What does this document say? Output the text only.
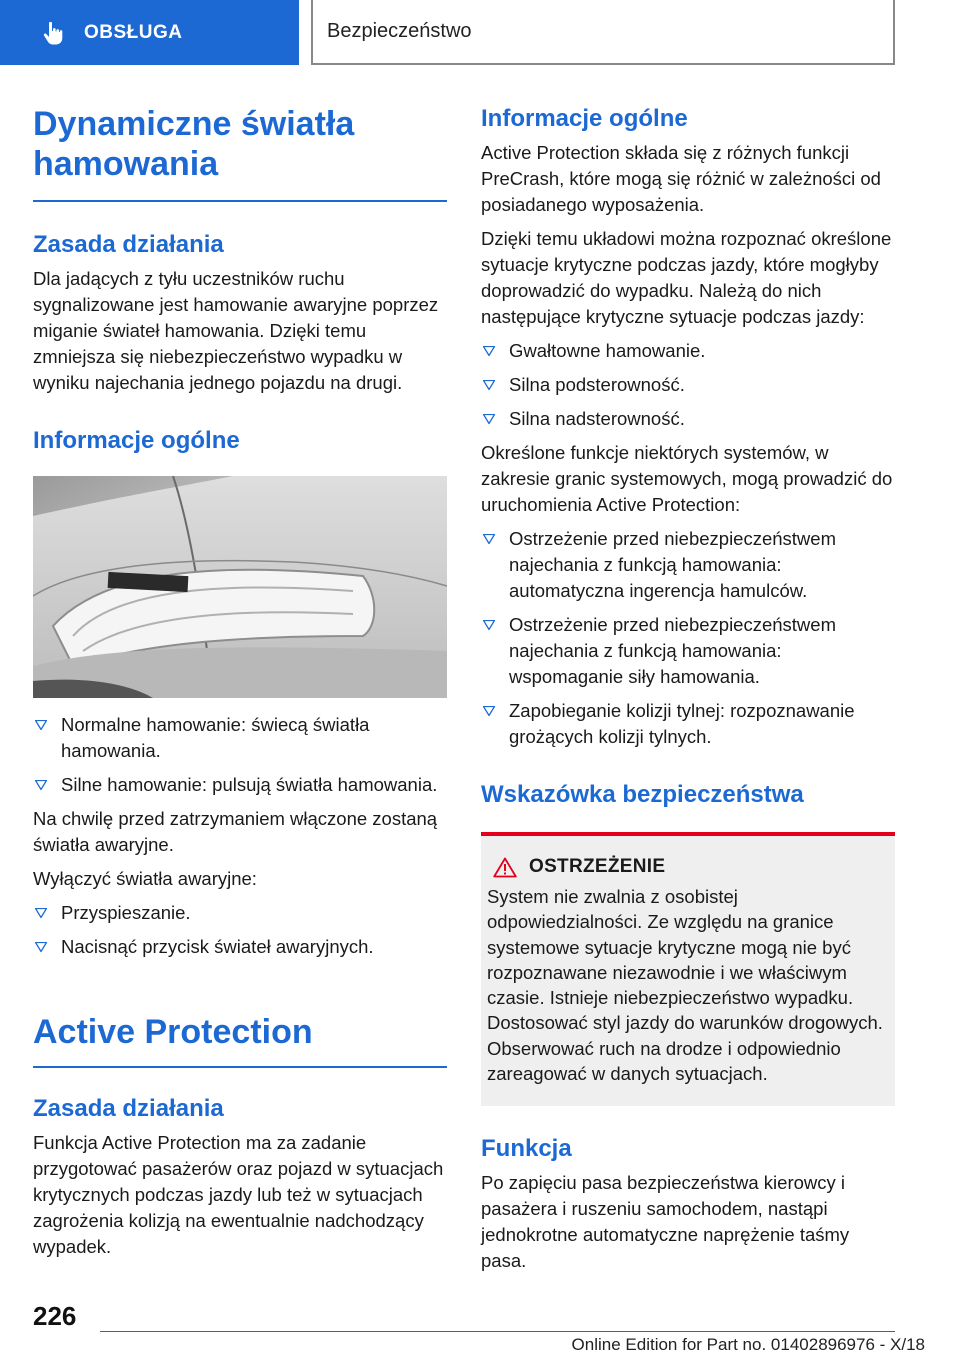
OBSŁUGA	Bezpieczeństwo
Dynamiczne światła hamowania
Zasada działania
Dla jadących z tyłu uczestników ruchu sygnalizowane jest hamowanie awaryjne poprzez miganie świateł hamowania. Dzięki temu zmniejsza się niebezpieczeństwo wypadku w wyniku najechania jednego pojazdu na drugi.
Informacje ogólne
Normalne hamowanie: świecą światła hamowania.
Silne hamowanie: pulsują światła hamowania.
Na chwilę przed zatrzymaniem włączone zostaną światła awaryjne.
Wyłączyć światła awaryjne:
Przyspieszanie.
Nacisnąć przycisk świateł awaryjnych.
Active Protection
Zasada działania
Funkcja Active Protection ma za zadanie przygotować pasażerów oraz pojazd w sytuacjach krytycznych podczas jazdy lub też w sytuacjach zagrożenia kolizją na ewentualnie nadchodzący wypadek.
Informacje ogólne
Active Protection składa się z różnych funkcji PreCrash, które mogą się różnić w zależności od posiadanego wyposażenia.
Dzięki temu układowi można rozpoznać określone sytuacje krytyczne podczas jazdy, które mogłyby doprowadzić do wypadku. Należą do nich następujące krytyczne sytuacje podczas jazdy:
Gwałtowne hamowanie.
Silna podsterowność.
Silna nadsterowność.
Określone funkcje niektórych systemów, w zakresie granic systemowych, mogą prowadzić do uruchomienia Active Protection:
Ostrzeżenie przed niebezpieczeństwem najechania z funkcją hamowania: automatyczna ingerencja hamulców.
Ostrzeżenie przed niebezpieczeństwem najechania z funkcją hamowania: wspomaganie siły hamowania.
Zapobieganie kolizji tylnej: rozpoznawanie grożących kolizji tylnych.
Wskazówka bezpieczeństwa
OSTRZEŻENIE
System nie zwalnia z osobistej odpowiedzialności. Ze względu na granice systemowe sytuacje krytyczne mogą nie być rozpoznawane niezawodnie i we właściwym czasie. Istnieje niebezpieczeństwo wypadku. Dostosować styl jazdy do warunków drogowych. Obserwować ruch na drodze i odpowiednio zareagować w danych sytuacjach.
Funkcja
Po zapięciu pasa bezpieczeństwa kierowcy i pasażera i ruszeniu samochodem, nastąpi jednokrotne automatyczne naprężenie taśmy pasa.
226
Online Edition for Part no. 01402896976 - X/18
